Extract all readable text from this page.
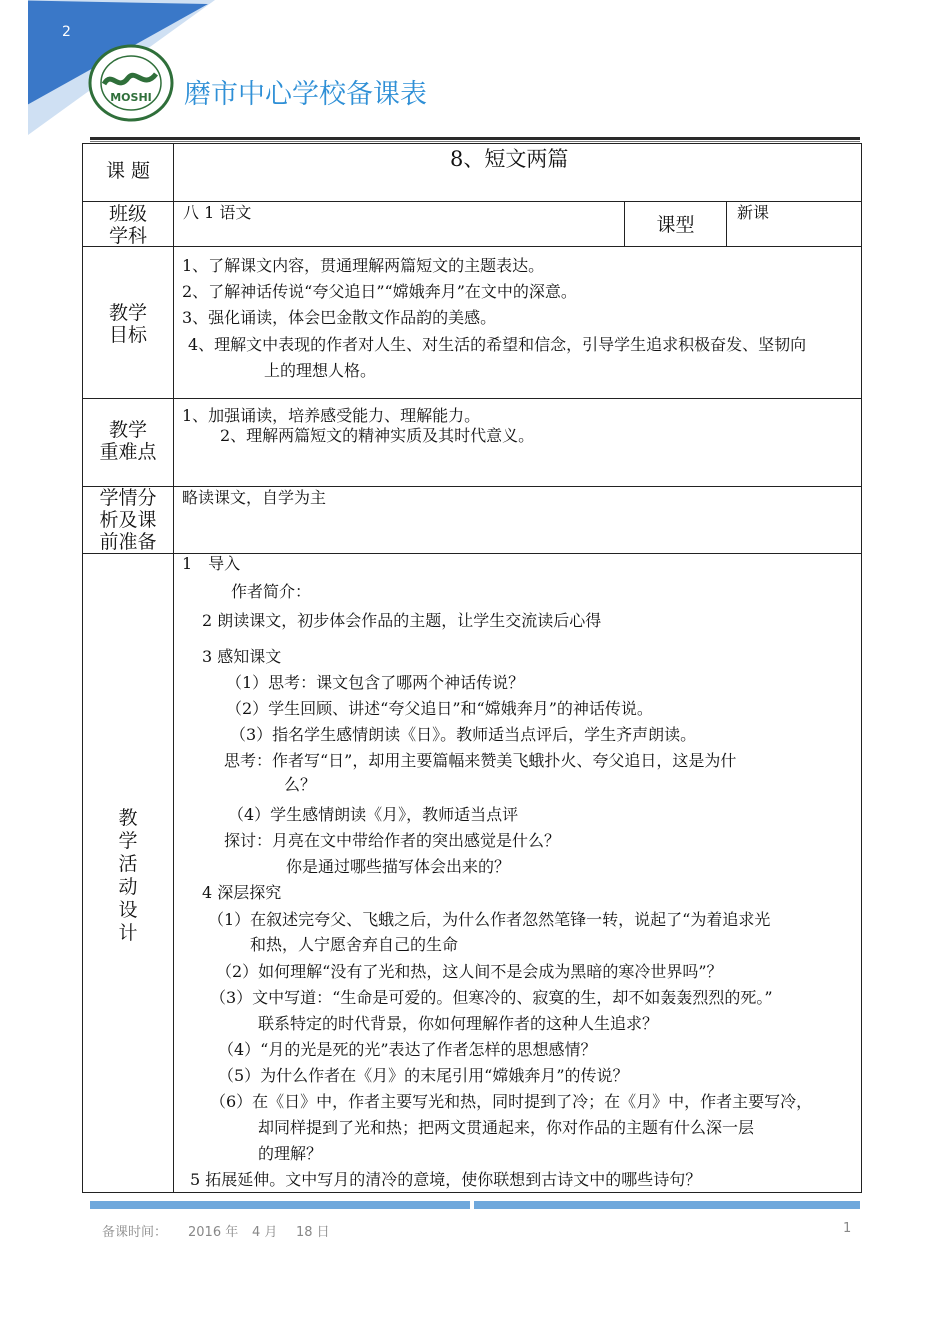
2
MOSHI 磨市中心学校备课表
课 题	8、短文两篇
班级
学科
八 1 语文
课型
新课
教学
目标
1、了解课文内容，贯通理解两篇短文的主题表达。
2、了解神话传说“夸父追日”“嫦娥奔月”在文中的深意。
3、强化诵读，体会巴金散文作品韵的美感。
4、理解文中表现的作者对人生、对生活的希望和信念，引导学生追求积极奋发、坚韧向
上的理想人格。
教学
重难点
1、加强诵读，培养感受能力、理解能力。
2、理解两篇短文的精神实质及其时代意义。
学情分
析及课
前准备
略读课文，自学为主
教
学
活
动
设
计
1　导入
作者简介：
2 朗读课文，初步体会作品的主题，让学生交流读后心得
3 感知课文
（1）思考：课文包含了哪两个神话传说？
（2）学生回顾、讲述“夸父追日”和“嫦娥奔月”的神话传说。
（3）指名学生感情朗读《日》。教师适当点评后，学生齐声朗读。
思考：作者写“日”，却用主要篇幅来赞美飞蛾扑火、夸父追日，这是为什
么？
（4）学生感情朗读《月》，教师适当点评
探讨：月亮在文中带给作者的突出感觉是什么？
你是通过哪些描写体会出来的？
4 深层探究
（1）在叙述完夸父、飞蛾之后，为什么作者忽然笔锋一转，说起了“为着追求光
和热，人宁愿舍弃自己的生命
（2）如何理解“没有了光和热，这人间不是会成为黑暗的寒冷世界吗”？
（3）文中写道：“生命是可爱的。但寒冷的、寂寞的生，却不如轰轰烈烈的死。”
联系特定的时代背景，你如何理解作者的这种人生追求？
（4）“月的光是死的光”表达了作者怎样的思想感情？
（5）为什么作者在《月》的末尾引用“嫦娥奔月”的传说？
（6）在《日》中，作者主要写光和热，同时提到了冷；在《月》中，作者主要写冷，
却同样提到了光和热；把两文贯通起来，你对作品的主题有什么深一层
的理解？
5 拓展延伸。文中写月的清冷的意境，使你联想到古诗文中的哪些诗句？
备课时间： 2016 年 4 月 18 日	1
